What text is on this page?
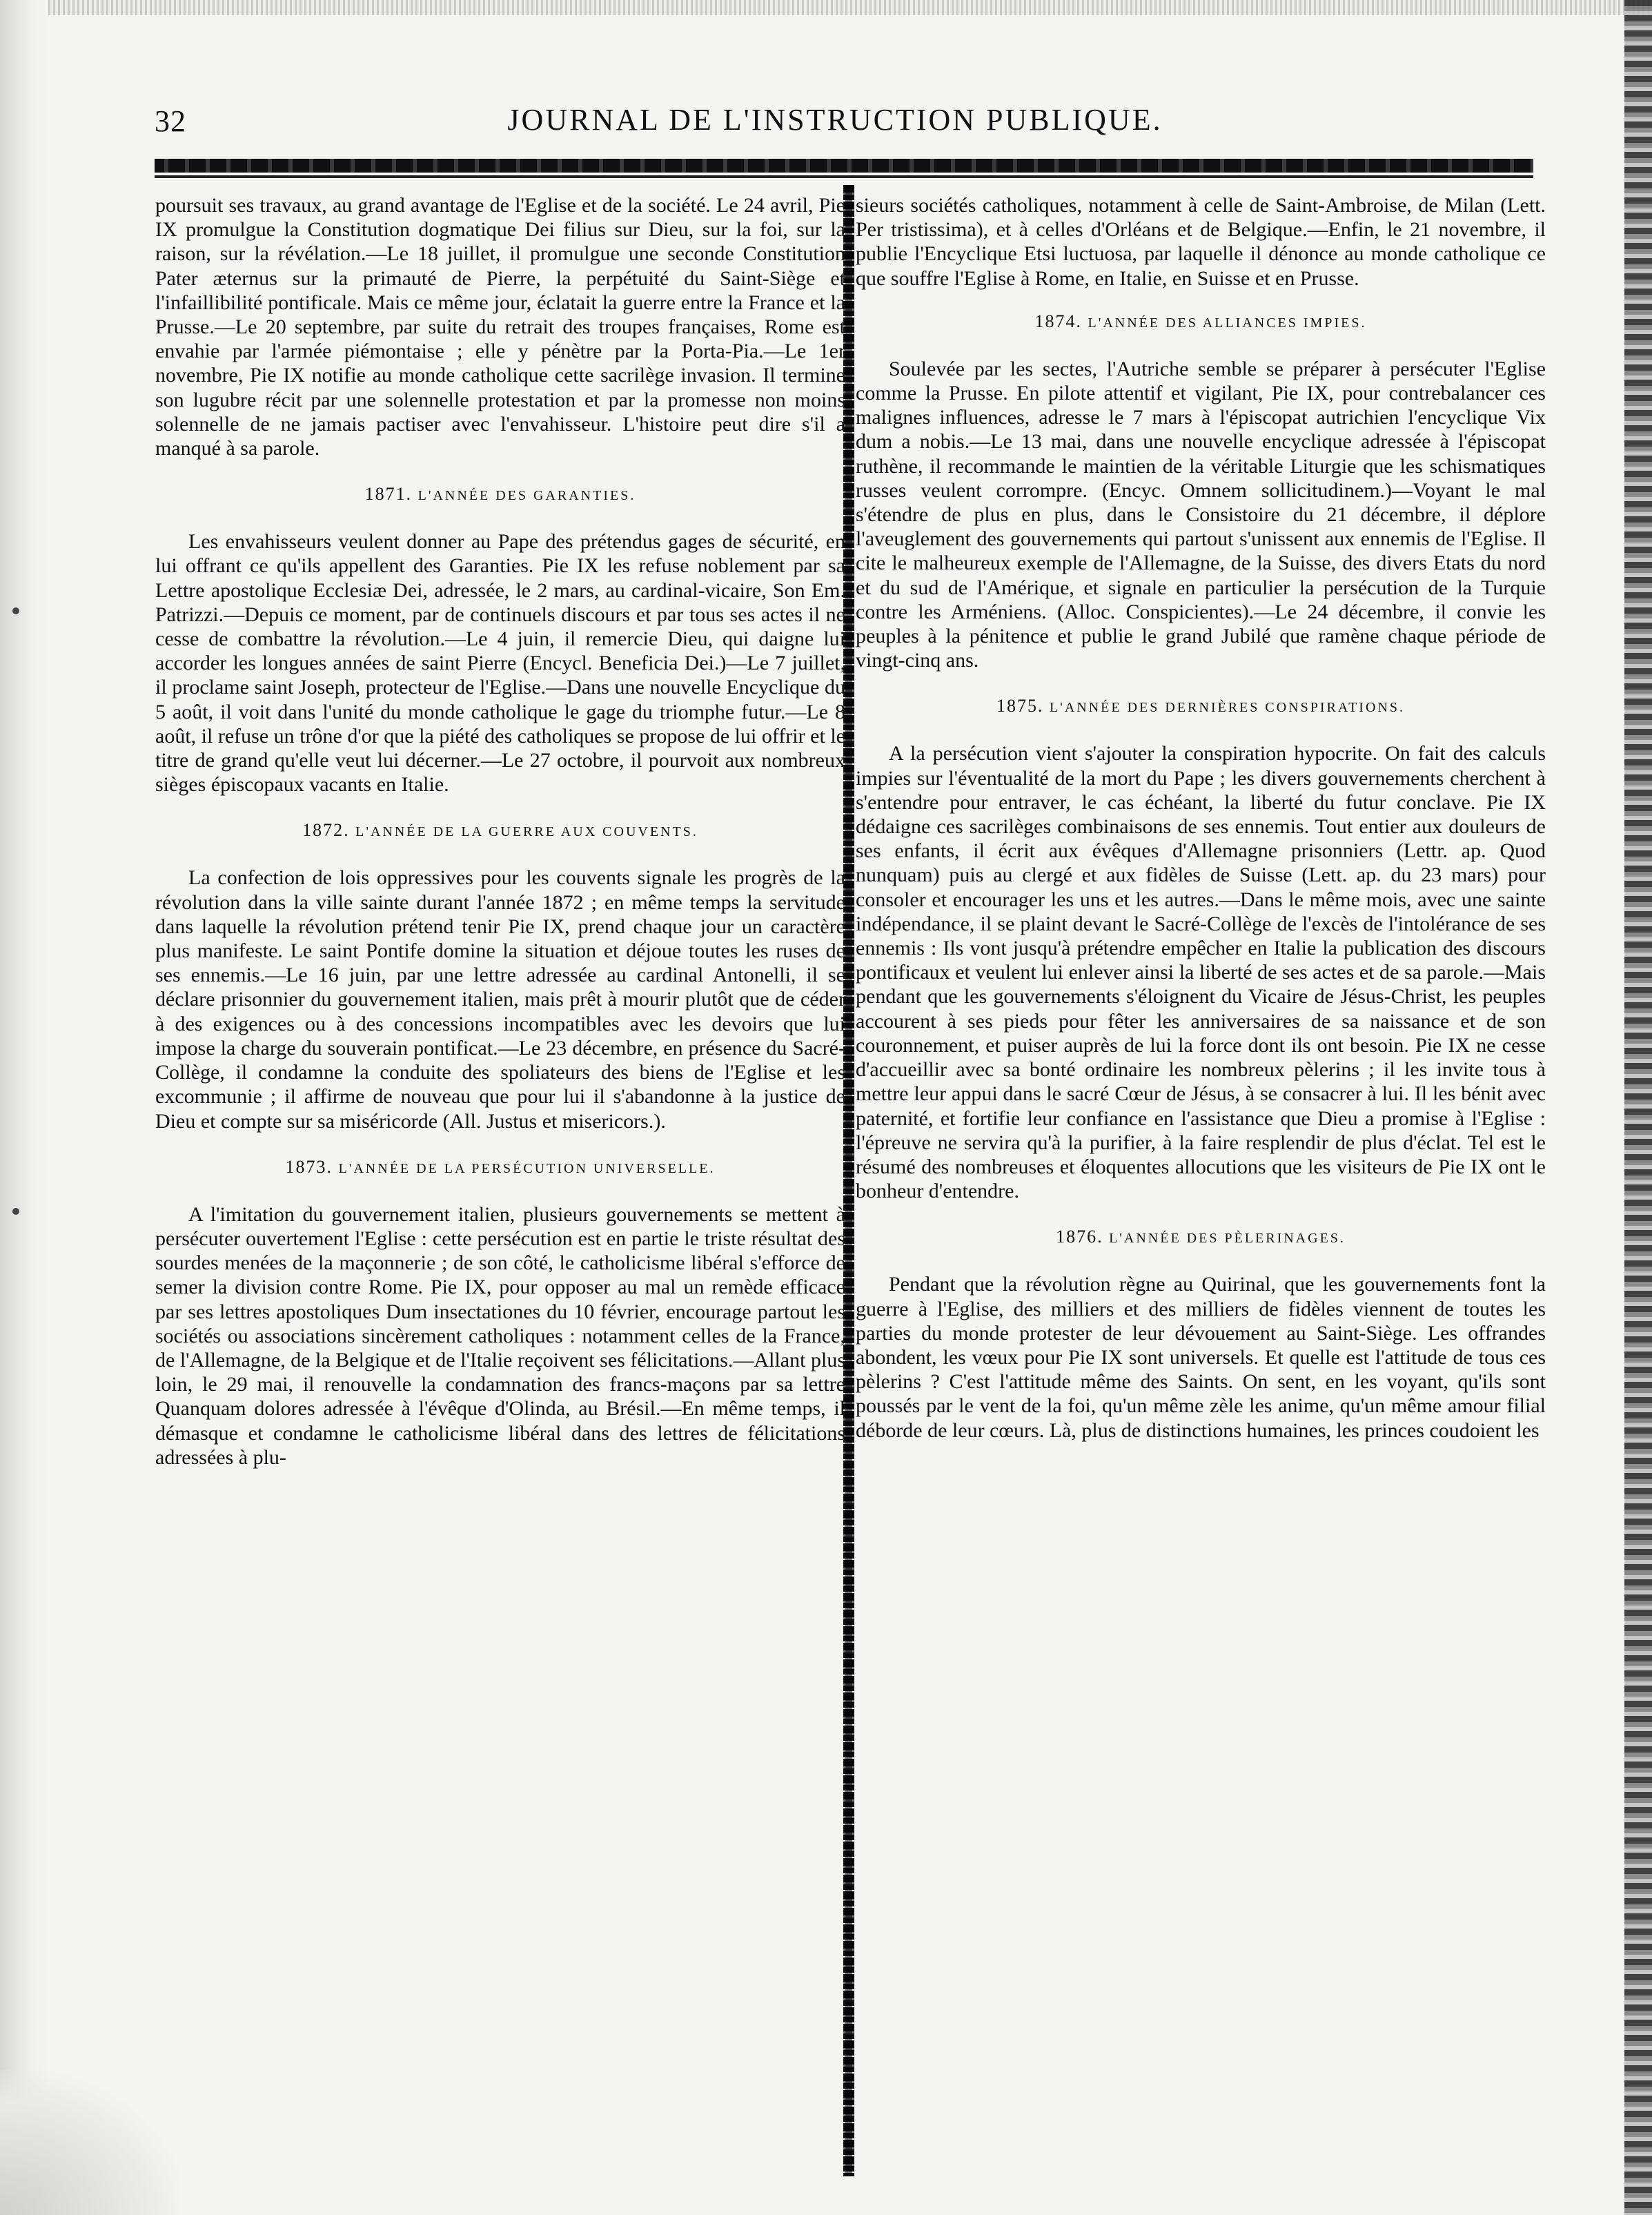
32	JOURNAL DE L'INSTRUCTION PUBLIQUE.

poursuit ses travaux, au grand avantage de l'Eglise et de la société. Le 24 avril, Pie IX promulgue la Constitution dogmatique Dei filius sur Dieu, sur la foi, sur la raison, sur la révélation.—Le 18 juillet, il promulgue une seconde Constitution Pater æternus sur la primauté de Pierre, la perpétuité du Saint-Siège et l'infaillibilité pontificale. Mais ce même jour, éclatait la guerre entre la France et la Prusse.—Le 20 septembre, par suite du retrait des troupes françaises, Rome est envahie par l'armée piémontaise ; elle y pénètre par la Porta-Pia.—Le 1er novembre, Pie IX notifie au monde catholique cette sacrilège invasion. Il termine son lugubre récit par une solennelle protestation et par la promesse non moins solennelle de ne jamais pactiser avec l'envahisseur. L'histoire peut dire s'il a manqué à sa parole.

1871. L'ANNÉE DES GARANTIES.

Les envahisseurs veulent donner au Pape des prétendus gages de sécurité, en lui offrant ce qu'ils appellent des Garanties. Pie IX les refuse noblement par sa Lettre apostolique Ecclesiæ Dei, adressée, le 2 mars, au cardinal-vicaire, Son Em. Patrizzi.—Depuis ce moment, par de continuels discours et par tous ses actes il ne cesse de combattre la révolution.—Le 4 juin, il remercie Dieu, qui daigne lui accorder les longues années de saint Pierre (Encycl. Beneficia Dei.)—Le 7 juillet, il proclame saint Joseph, protecteur de l'Eglise.—Dans une nouvelle Encyclique du 5 août, il voit dans l'unité du monde catholique le gage du triomphe futur.—Le 8 août, il refuse un trône d'or que la piété des catholiques se propose de lui offrir et le titre de grand qu'elle veut lui décerner.—Le 27 octobre, il pourvoit aux nombreux sièges épiscopaux vacants en Italie.

1872. L'ANNÉE DE LA GUERRE AUX COUVENTS.

La confection de lois oppressives pour les couvents signale les progrès de la révolution dans la ville sainte durant l'année 1872 ; en même temps la servitude dans laquelle la révolution prétend tenir Pie IX, prend chaque jour un caractère plus manifeste. Le saint Pontife domine la situation et déjoue toutes les ruses de ses ennemis.—Le 16 juin, par une lettre adressée au cardinal Antonelli, il se déclare prisonnier du gouvernement italien, mais prêt à mourir plutôt que de céder à des exigences ou à des concessions incompatibles avec les devoirs que lui impose la charge du souverain pontificat.—Le 23 décembre, en présence du Sacré-Collège, il condamne la conduite des spoliateurs des biens de l'Eglise et les excommunie ; il affirme de nouveau que pour lui il s'abandonne à la justice de Dieu et compte sur sa miséricorde (All. Justus et misericors.).

1873. L'ANNÉE DE LA PERSÉCUTION UNIVERSELLE.

A l'imitation du gouvernement italien, plusieurs gouvernements se mettent à persécuter ouvertement l'Eglise : cette persécution est en partie le triste résultat des sourdes menées de la maçonnerie ; de son côté, le catholicisme libéral s'efforce de semer la division contre Rome. Pie IX, pour opposer au mal un remède efficace par ses lettres apostoliques Dum insectationes du 10 février, encourage partout les sociétés ou associations sincèrement catholiques : notamment celles de la France, de l'Allemagne, de la Belgique et de l'Italie reçoivent ses félicitations.—Allant plus loin, le 29 mai, il renouvelle la condamnation des francs-maçons par sa lettre Quanquam dolores adressée à l'évêque d'Olinda, au Brésil.—En même temps, il démasque et condamne le catholicisme libéral dans des lettres de félicitations adressées à plu-

sieurs sociétés catholiques, notamment à celle de Saint-Ambroise, de Milan (Lett. Per tristissima), et à celles d'Orléans et de Belgique.—Enfin, le 21 novembre, il publie l'Encyclique Etsi luctuosa, par laquelle il dénonce au monde catholique ce que souffre l'Eglise à Rome, en Italie, en Suisse et en Prusse.

1874. L'ANNÉE DES ALLIANCES IMPIES.

Soulevée par les sectes, l'Autriche semble se préparer à persécuter l'Eglise comme la Prusse. En pilote attentif et vigilant, Pie IX, pour contrebalancer ces malignes influences, adresse le 7 mars à l'épiscopat autrichien l'encyclique Vix dum a nobis.—Le 13 mai, dans une nouvelle encyclique adressée à l'épiscopat ruthène, il recommande le maintien de la véritable Liturgie que les schismatiques russes veulent corrompre. (Encyc. Omnem sollicitudinem.)—Voyant le mal s'étendre de plus en plus, dans le Consistoire du 21 décembre, il déplore l'aveuglement des gouvernements qui partout s'unissent aux ennemis de l'Eglise. Il cite le malheureux exemple de l'Allemagne, de la Suisse, des divers Etats du nord et du sud de l'Amérique, et signale en particulier la persécution de la Turquie contre les Arméniens. (Alloc. Conspicientes).—Le 24 décembre, il convie les peuples à la pénitence et publie le grand Jubilé que ramène chaque période de vingt-cinq ans.

1875. L'ANNÉE DES DERNIÈRES CONSPIRATIONS.

A la persécution vient s'ajouter la conspiration hypocrite. On fait des calculs impies sur l'éventualité de la mort du Pape ; les divers gouvernements cherchent à s'entendre pour entraver, le cas échéant, la liberté du futur conclave. Pie IX dédaigne ces sacrilèges combinaisons de ses ennemis. Tout entier aux douleurs de ses enfants, il écrit aux évêques d'Allemagne prisonniers (Lettr. ap. Quod nunquam) puis au clergé et aux fidèles de Suisse (Lett. ap. du 23 mars) pour consoler et encourager les uns et les autres.—Dans le même mois, avec une sainte indépendance, il se plaint devant le Sacré-Collège de l'excès de l'intolérance de ses ennemis : Ils vont jusqu'à prétendre empêcher en Italie la publication des discours pontificaux et veulent lui enlever ainsi la liberté de ses actes et de sa parole.—Mais pendant que les gouvernements s'éloignent du Vicaire de Jésus-Christ, les peuples accourent à ses pieds pour fêter les anniversaires de sa naissance et de son couronnement, et puiser auprès de lui la force dont ils ont besoin. Pie IX ne cesse d'accueillir avec sa bonté ordinaire les nombreux pèlerins ; il les invite tous à mettre leur appui dans le sacré Cœur de Jésus, à se consacrer à lui. Il les bénit avec paternité, et fortifie leur confiance en l'assistance que Dieu a promise à l'Eglise : l'épreuve ne servira qu'à la purifier, à la faire resplendir de plus d'éclat. Tel est le résumé des nombreuses et éloquentes allocutions que les visiteurs de Pie IX ont le bonheur d'entendre.

1876. L'ANNÉE DES PÈLERINAGES.

Pendant que la révolution règne au Quirinal, que les gouvernements font la guerre à l'Eglise, des milliers et des milliers de fidèles viennent de toutes les parties du monde protester de leur dévouement au Saint-Siège. Les offrandes abondent, les vœux pour Pie IX sont universels. Et quelle est l'attitude de tous ces pèlerins ? C'est l'attitude même des Saints. On sent, en les voyant, qu'ils sont poussés par le vent de la foi, qu'un même zèle les anime, qu'un même amour filial déborde de leur cœurs. Là, plus de distinctions humaines, les princes coudoient les
